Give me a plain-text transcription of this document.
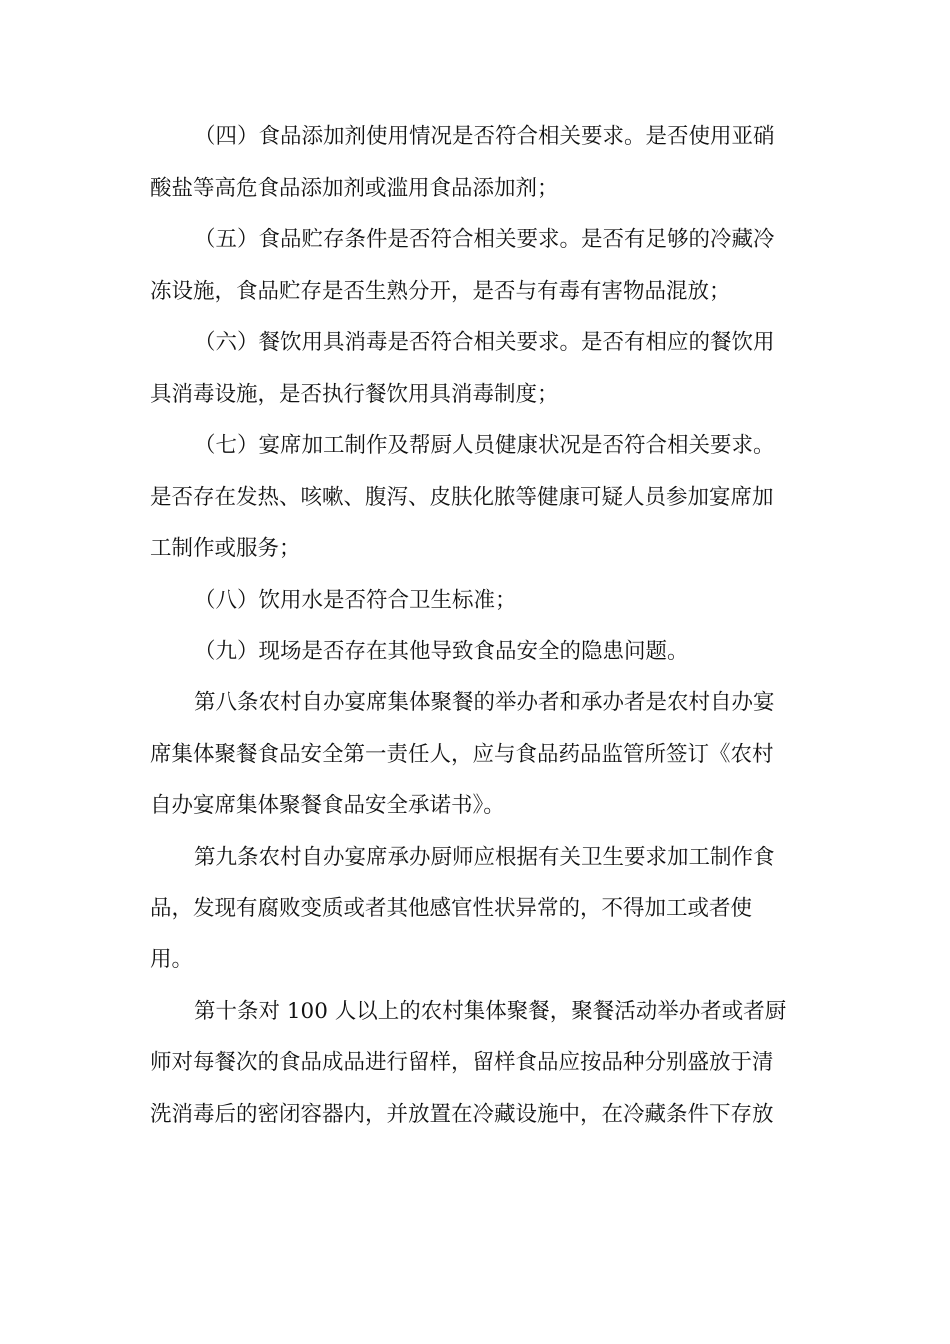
（四）食品添加剂使用情况是否符合相关要求。是否使用亚硝
酸盐等高危食品添加剂或滥用食品添加剂；
（五）食品贮存条件是否符合相关要求。是否有足够的冷藏冷
冻设施，食品贮存是否生熟分开，是否与有毒有害物品混放；
（六）餐饮用具消毒是否符合相关要求。是否有相应的餐饮用
具消毒设施，是否执行餐饮用具消毒制度；
（七）宴席加工制作及帮厨人员健康状况是否符合相关要求。
是否存在发热、咳嗽、腹泻、皮肤化脓等健康可疑人员参加宴席加
工制作或服务；
（八）饮用水是否符合卫生标准；
（九）现场是否存在其他导致食品安全的隐患问题。
第八条农村自办宴席集体聚餐的举办者和承办者是农村自办宴
席集体聚餐食品安全第一责任人，应与食品药品监管所签订《农村
自办宴席集体聚餐食品安全承诺书》。
第九条农村自办宴席承办厨师应根据有关卫生要求加工制作食
品，发现有腐败变质或者其他感官性状异常的，不得加工或者使
用。
第十条对 100 人以上的农村集体聚餐，聚餐活动举办者或者厨
师对每餐次的食品成品进行留样，留样食品应按品种分别盛放于清
洗消毒后的密闭容器内，并放置在冷藏设施中，在冷藏条件下存放
